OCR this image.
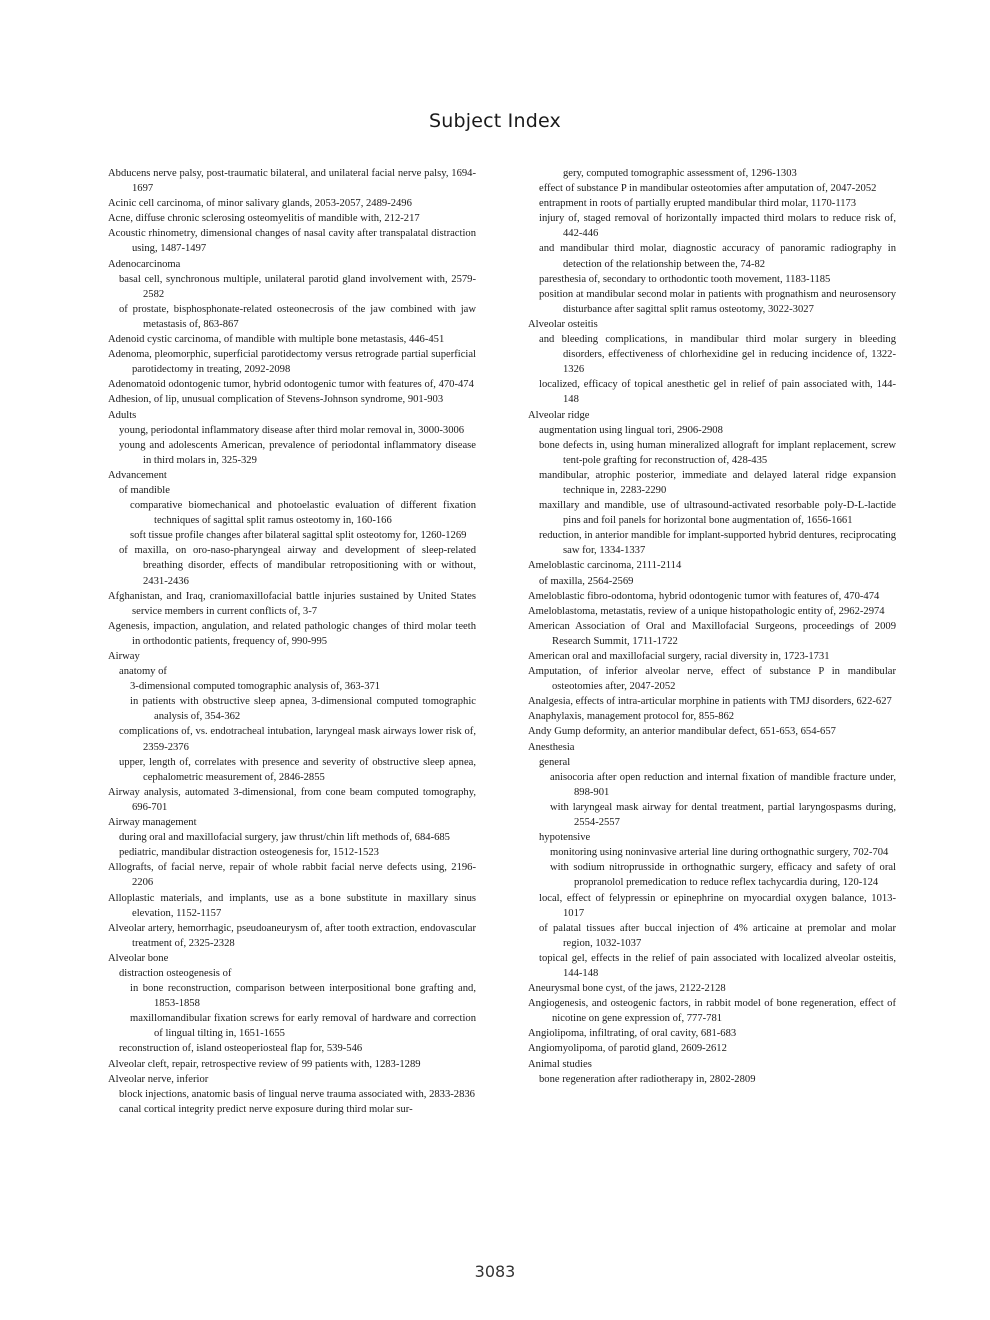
Subject Index
Abducens nerve palsy, post-traumatic bilateral, and unilateral facial nerve palsy, 1694-1697
Acinic cell carcinoma, of minor salivary glands, 2053-2057, 2489-2496
Acne, diffuse chronic sclerosing osteomyelitis of mandible with, 212-217
Acoustic rhinometry, dimensional changes of nasal cavity after transpalatal distraction using, 1487-1497
Adenocarcinoma
basal cell, synchronous multiple, unilateral parotid gland involvement with, 2579-2582
of prostate, bisphosphonate-related osteonecrosis of the jaw combined with jaw metastasis of, 863-867
Adenoid cystic carcinoma, of mandible with multiple bone metastasis, 446-451
Adenoma, pleomorphic, superficial parotidectomy versus retrograde partial superficial parotidectomy in treating, 2092-2098
Adenomatoid odontogenic tumor, hybrid odontogenic tumor with features of, 470-474
Adhesion, of lip, unusual complication of Stevens-Johnson syndrome, 901-903
Adults
young, periodontal inflammatory disease after third molar removal in, 3000-3006
young and adolescents American, prevalence of periodontal inflammatory disease in third molars in, 325-329
Advancement
of mandible
comparative biomechanical and photoelastic evaluation of different fixation techniques of sagittal split ramus osteotomy in, 160-166
soft tissue profile changes after bilateral sagittal split osteotomy for, 1260-1269
of maxilla, on oro-naso-pharyngeal airway and development of sleep-related breathing disorder, effects of mandibular retropositioning with or without, 2431-2436
Afghanistan, and Iraq, craniomaxillofacial battle injuries sustained by United States service members in current conflicts of, 3-7
Agenesis, impaction, angulation, and related pathologic changes of third molar teeth in orthodontic patients, frequency of, 990-995
Airway
anatomy of
3-dimensional computed tomographic analysis of, 363-371
in patients with obstructive sleep apnea, 3-dimensional computed tomographic analysis of, 354-362
complications of, vs. endotracheal intubation, laryngeal mask airways lower risk of, 2359-2376
upper, length of, correlates with presence and severity of obstructive sleep apnea, cephalometric measurement of, 2846-2855
Airway analysis, automated 3-dimensional, from cone beam computed tomography, 696-701
Airway management
during oral and maxillofacial surgery, jaw thrust/chin lift methods of, 684-685
pediatric, mandibular distraction osteogenesis for, 1512-1523
Allografts, of facial nerve, repair of whole rabbit facial nerve defects using, 2196-2206
Alloplastic materials, and implants, use as a bone substitute in maxillary sinus elevation, 1152-1157
Alveolar artery, hemorrhagic, pseudoaneurysm of, after tooth extraction, endovascular treatment of, 2325-2328
Alveolar bone
distraction osteogenesis of
in bone reconstruction, comparison between interpositional bone grafting and, 1853-1858
maxillomandibular fixation screws for early removal of hardware and correction of lingual tilting in, 1651-1655
reconstruction of, island osteoperiosteal flap for, 539-546
Alveolar cleft, repair, retrospective review of 99 patients with, 1283-1289
Alveolar nerve, inferior
block injections, anatomic basis of lingual nerve trauma associated with, 2833-2836
canal cortical integrity predict nerve exposure during third molar sur-
gery, computed tomographic assessment of, 1296-1303
effect of substance P in mandibular osteotomies after amputation of, 2047-2052
entrapment in roots of partially erupted mandibular third molar, 1170-1173
injury of, staged removal of horizontally impacted third molars to reduce risk of, 442-446
and mandibular third molar, diagnostic accuracy of panoramic radiography in detection of the relationship between the, 74-82
paresthesia of, secondary to orthodontic tooth movement, 1183-1185
position at mandibular second molar in patients with prognathism and neurosensory disturbance after sagittal split ramus osteotomy, 3022-3027
Alveolar osteitis
and bleeding complications, in mandibular third molar surgery in bleeding disorders, effectiveness of chlorhexidine gel in reducing incidence of, 1322-1326
localized, efficacy of topical anesthetic gel in relief of pain associated with, 144-148
Alveolar ridge
augmentation using lingual tori, 2906-2908
bone defects in, using human mineralized allograft for implant replacement, screw tent-pole grafting for reconstruction of, 428-435
mandibular, atrophic posterior, immediate and delayed lateral ridge expansion technique in, 2283-2290
maxillary and mandible, use of ultrasound-activated resorbable poly-D-L-lactide pins and foil panels for horizontal bone augmentation of, 1656-1661
reduction, in anterior mandible for implant-supported hybrid dentures, reciprocating saw for, 1334-1337
Ameloblastic carcinoma, 2111-2114
of maxilla, 2564-2569
Ameloblastic fibro-odontoma, hybrid odontogenic tumor with features of, 470-474
Ameloblastoma, metastatis, review of a unique histopathologic entity of, 2962-2974
American Association of Oral and Maxillofacial Surgeons, proceedings of 2009 Research Summit, 1711-1722
American oral and maxillofacial surgery, racial diversity in, 1723-1731
Amputation, of inferior alveolar nerve, effect of substance P in mandibular osteotomies after, 2047-2052
Analgesia, effects of intra-articular morphine in patients with TMJ disorders, 622-627
Anaphylaxis, management protocol for, 855-862
Andy Gump deformity, an anterior mandibular defect, 651-653, 654-657
Anesthesia
general
anisocoria after open reduction and internal fixation of mandible fracture under, 898-901
with laryngeal mask airway for dental treatment, partial laryngospasms during, 2554-2557
hypotensive
monitoring using noninvasive arterial line during orthognathic surgery, 702-704
with sodium nitroprusside in orthognathic surgery, efficacy and safety of oral propranolol premedication to reduce reflex tachycardia during, 120-124
local, effect of felypressin or epinephrine on myocardial oxygen balance, 1013-1017
of palatal tissues after buccal injection of 4% articaine at premolar and molar region, 1032-1037
topical gel, effects in the relief of pain associated with localized alveolar osteitis, 144-148
Aneurysmal bone cyst, of the jaws, 2122-2128
Angiogenesis, and osteogenic factors, in rabbit model of bone regeneration, effect of nicotine on gene expression of, 777-781
Angiolipoma, infiltrating, of oral cavity, 681-683
Angiomyolipoma, of parotid gland, 2609-2612
Animal studies
bone regeneration after radiotherapy in, 2802-2809
3083
